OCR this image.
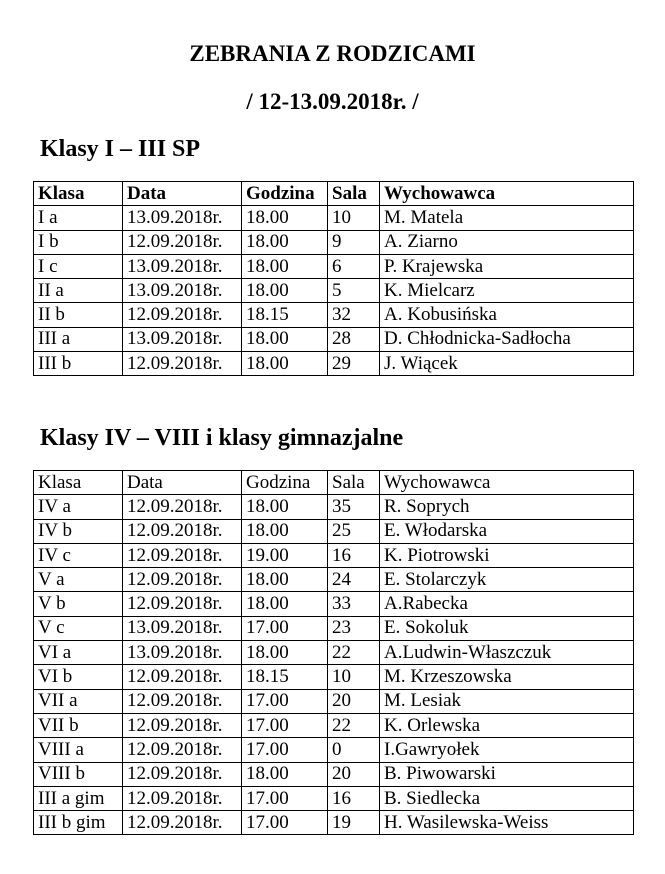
ZEBRANIA Z RODZICAMI
/ 12-13.09.2018r. /
Klasy I – III SP
Klasa	Data	Godzina	Sala	Wychowawca
I a	13.09.2018r.	18.00	10	M. Matela
I b	12.09.2018r.	18.00	9	A. Ziarno
I c	13.09.2018r.	18.00	6	P. Krajewska
II a	13.09.2018r.	18.00	5	K. Mielcarz
II b	12.09.2018r.	18.15	32	A. Kobusińska
III a	13.09.2018r.	18.00	28	D. Chłodnicka-Sadłocha
III b	12.09.2018r.	18.00	29	J. Wiącek
Klasy IV – VIII i klasy gimnazjalne
Klasa	Data	Godzina	Sala	Wychowawca
IV a	12.09.2018r.	18.00	35	R. Soprych
IV b	12.09.2018r.	18.00	25	E. Włodarska
IV c	12.09.2018r.	19.00	16	K. Piotrowski
V a	12.09.2018r.	18.00	24	E. Stolarczyk
V b	12.09.2018r.	18.00	33	A.Rabecka
V c	13.09.2018r.	17.00	23	E. Sokoluk
VI a	13.09.2018r.	18.00	22	A.Ludwin-Właszczuk
VI b	12.09.2018r.	18.15	10	M. Krzeszowska
VII a	12.09.2018r.	17.00	20	M. Lesiak
VII b	12.09.2018r.	17.00	22	K. Orlewska
VIII a	12.09.2018r.	17.00	0	I.Gawryołek
VIII b	12.09.2018r.	18.00	20	B. Piwowarski
III a gim	12.09.2018r.	17.00	16	B. Siedlecka
III b gim	12.09.2018r.	17.00	19	H. Wasilewska-Weiss
